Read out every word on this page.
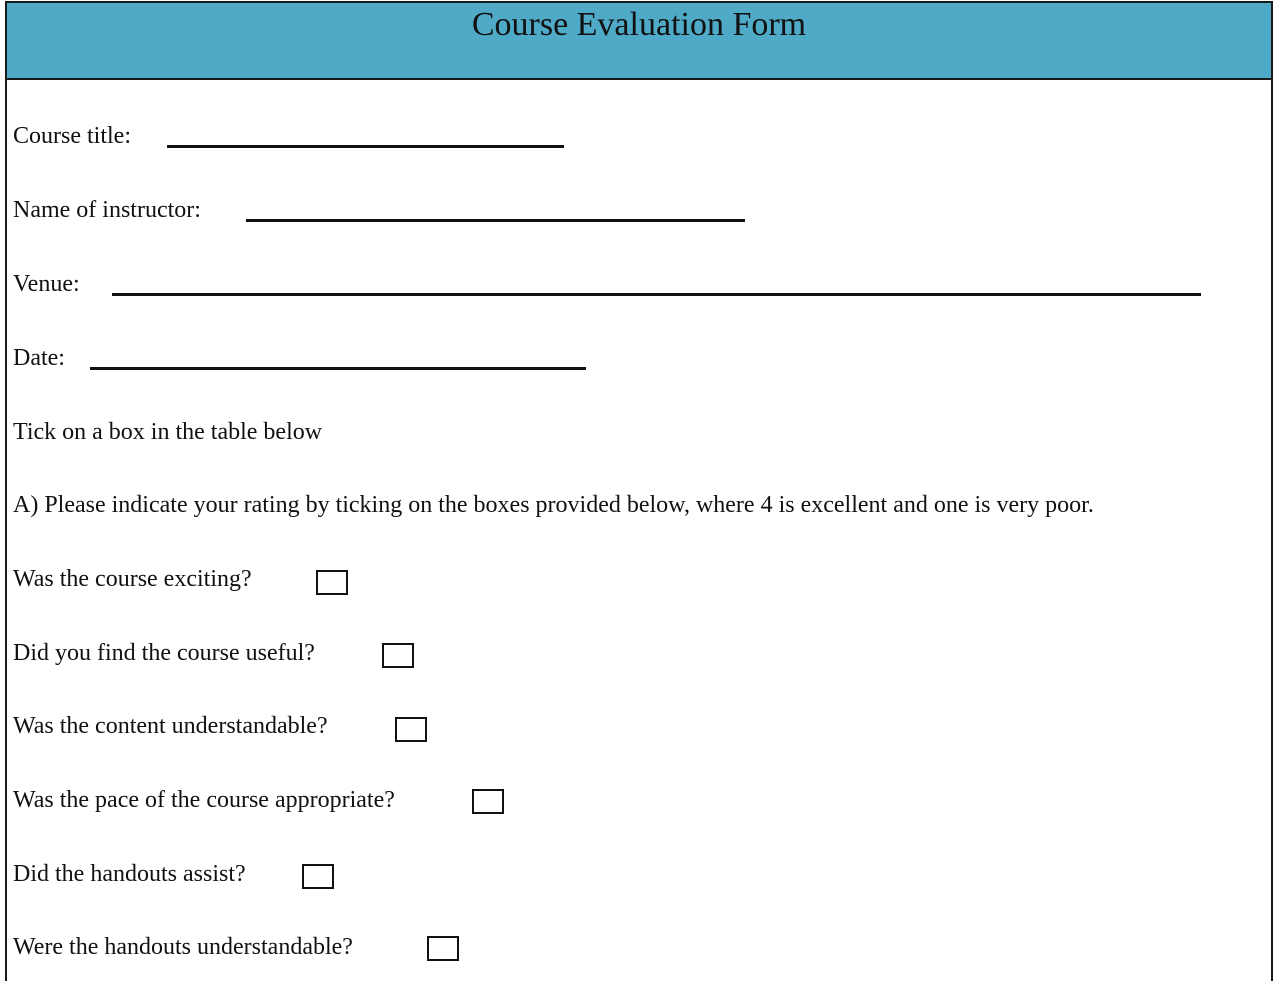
Course Evaluation Form
Course title:
Name of instructor:
Venue:
Date:
Tick on a box in the table below
A) Please indicate your rating by ticking on the boxes provided below, where 4 is excellent and one is very poor.
Was the course exciting?
Did you find the course useful?
Was the content understandable?
Was the pace of the course appropriate?
Did the handouts assist?
Were the handouts understandable?
